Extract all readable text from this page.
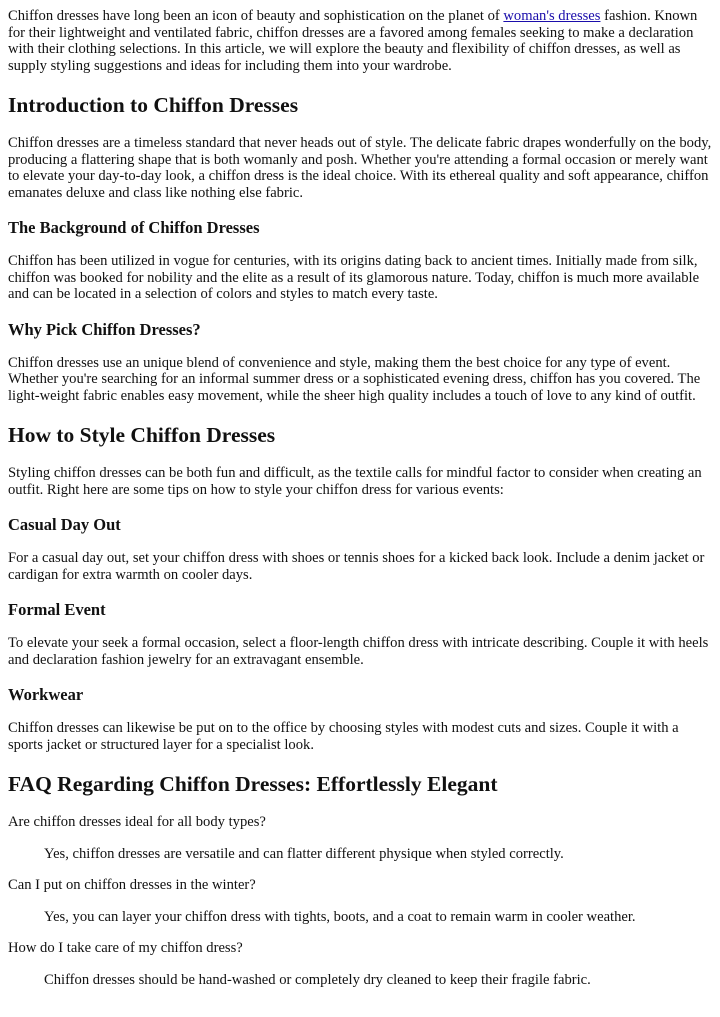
Chiffon dresses have long been an icon of beauty and sophistication on the planet of woman's dresses fashion. Known for their lightweight and ventilated fabric, chiffon dresses are a favored among females seeking to make a declaration with their clothing selections. In this article, we will explore the beauty and flexibility of chiffon dresses, as well as supply styling suggestions and ideas for including them into your wardrobe.

Introduction to Chiffon Dresses

Chiffon dresses are a timeless standard that never heads out of style. The delicate fabric drapes wonderfully on the body, producing a flattering shape that is both womanly and posh. Whether you're attending a formal occasion or merely want to elevate your day-to-day look, a chiffon dress is the ideal choice. With its ethereal quality and soft appearance, chiffon emanates deluxe and class like nothing else fabric.

The Background of Chiffon Dresses

Chiffon has been utilized in vogue for centuries, with its origins dating back to ancient times. Initially made from silk, chiffon was booked for nobility and the elite as a result of its glamorous nature. Today, chiffon is much more available and can be located in a selection of colors and styles to match every taste.

Why Pick Chiffon Dresses?

Chiffon dresses use an unique blend of convenience and style, making them the best choice for any type of event. Whether you're searching for an informal summer dress or a sophisticated evening dress, chiffon has you covered. The light-weight fabric enables easy movement, while the sheer high quality includes a touch of love to any kind of outfit.

How to Style Chiffon Dresses

Styling chiffon dresses can be both fun and difficult, as the textile calls for mindful factor to consider when creating an outfit. Right here are some tips on how to style your chiffon dress for various events:

Casual Day Out

For a casual day out, set your chiffon dress with shoes or tennis shoes for a kicked back look. Include a denim jacket or cardigan for extra warmth on cooler days.

Formal Event

To elevate your seek a formal occasion, select a floor-length chiffon dress with intricate describing. Couple it with heels and declaration fashion jewelry for an extravagant ensemble.

Workwear

Chiffon dresses can likewise be put on to the office by choosing styles with modest cuts and sizes. Couple it with a sports jacket or structured layer for a specialist look.

FAQ Regarding Chiffon Dresses: Effortlessly Elegant
Are chiffon dresses ideal for all body types?
Yes, chiffon dresses are versatile and can flatter different physique when styled correctly.
Can I put on chiffon dresses in the winter?
Yes, you can layer your chiffon dress with tights, boots, and a coat to remain warm in cooler weather.
How do I take care of my chiffon dress?
Chiffon dresses should be hand-washed or completely dry cleaned to keep their fragile fabric.
